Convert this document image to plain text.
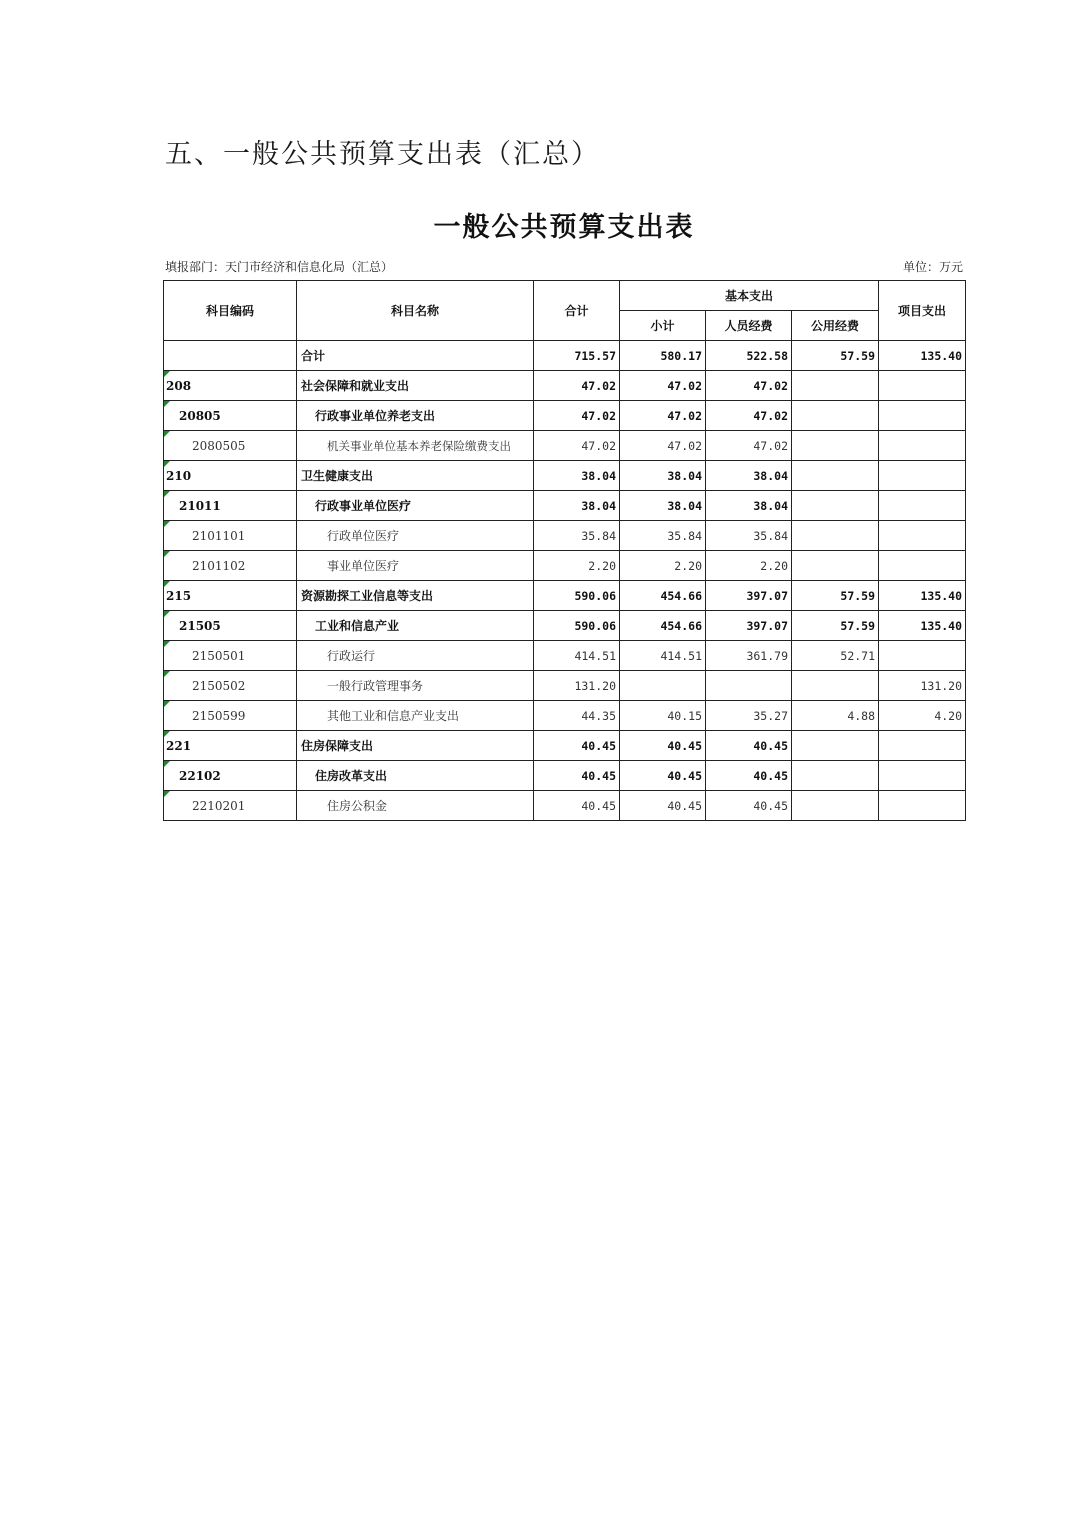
五、一般公共预算支出表（汇总）
一般公共预算支出表
填报部门：天门市经济和信息化局（汇总）	单位：万元
科目编码	科目名称	合计	基本支出			项目支出
			小计	人员经费	公用经费	
	合计	715.57	580.17	522.58	57.59	135.40
208	社会保障和就业支出	47.02	47.02	47.02		
20805	行政事业单位养老支出	47.02	47.02	47.02		
2080505	机关事业单位基本养老保险缴费支出	47.02	47.02	47.02		
210	卫生健康支出	38.04	38.04	38.04		
21011	行政事业单位医疗	38.04	38.04	38.04		
2101101	行政单位医疗	35.84	35.84	35.84		
2101102	事业单位医疗	2.20	2.20	2.20		
215	资源勘探工业信息等支出	590.06	454.66	397.07	57.59	135.40
21505	工业和信息产业	590.06	454.66	397.07	57.59	135.40
2150501	行政运行	414.51	414.51	361.79	52.71	
2150502	一般行政管理事务	131.20				131.20
2150599	其他工业和信息产业支出	44.35	40.15	35.27	4.88	4.20
221	住房保障支出	40.45	40.45	40.45		
22102	住房改革支出	40.45	40.45	40.45		
2210201	住房公积金	40.45	40.45	40.45		
